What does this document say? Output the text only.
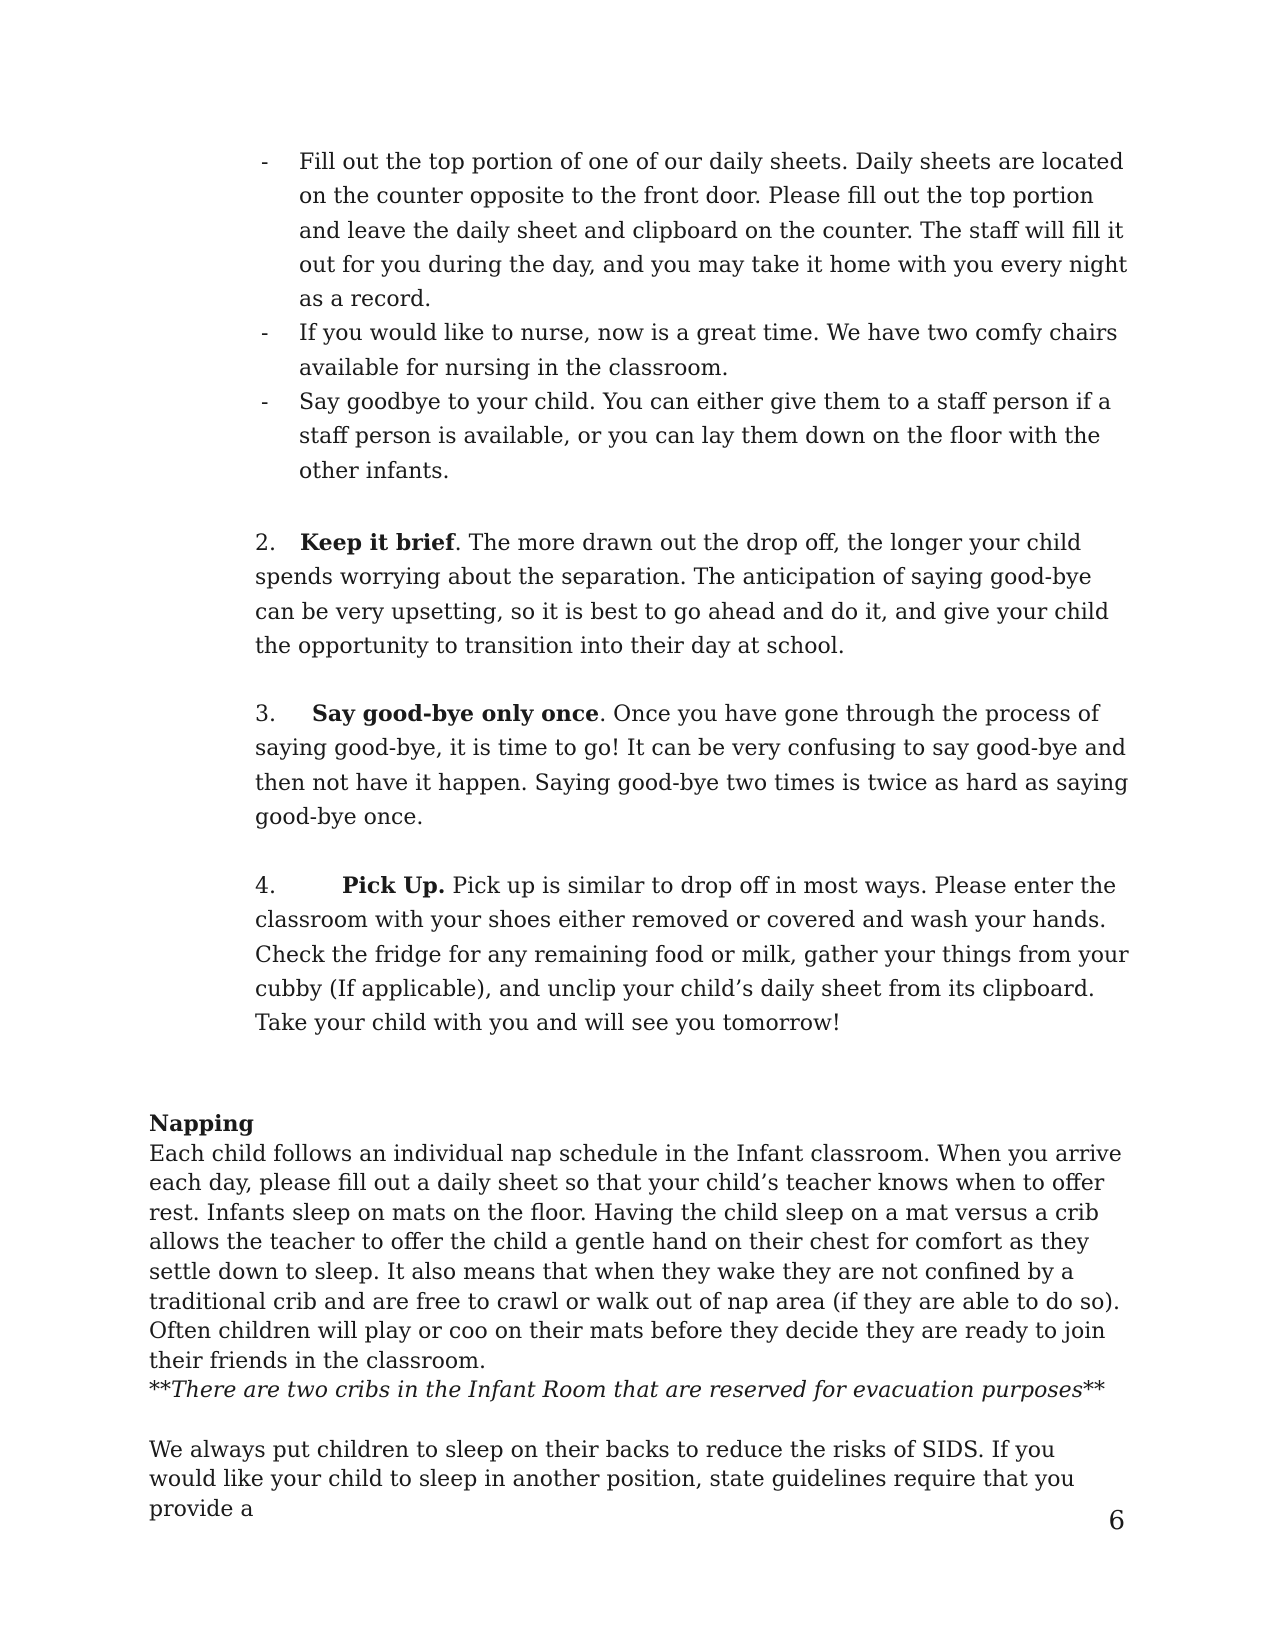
- Fill out the top portion of one of our daily sheets. Daily sheets are located on the counter opposite to the front door. Please fill out the top portion and leave the daily sheet and clipboard on the counter. The staff will fill it out for you during the day, and you may take it home with you every night as a record.
- If you would like to nurse, now is a great time. We have two comfy chairs available for nursing in the classroom.
- Say goodbye to your child. You can either give them to a staff person if a staff person is available, or you can lay them down on the floor with the other infants.
2. Keep it brief. The more drawn out the drop off, the longer your child spends worrying about the separation. The anticipation of saying good-bye can be very upsetting, so it is best to go ahead and do it, and give your child the opportunity to transition into their day at school.
3. Say good-bye only once. Once you have gone through the process of saying good-bye, it is time to go! It can be very confusing to say good-bye and then not have it happen. Saying good-bye two times is twice as hard as saying good-bye once.
4.	Pick Up. Pick up is similar to drop off in most ways. Please enter the classroom with your shoes either removed or covered and wash your hands. Check the fridge for any remaining food or milk, gather your things from your cubby (If applicable), and unclip your child’s daily sheet from its clipboard. Take your child with you and will see you tomorrow!
Napping

Each child follows an individual nap schedule in the Infant classroom. When you arrive each day, please fill out a daily sheet so that your child’s teacher knows when to offer rest. Infants sleep on mats on the floor. Having the child sleep on a mat versus a crib allows the teacher to offer the child a gentle hand on their chest for comfort as they settle down to sleep. It also means that when they wake they are not confined by a traditional crib and are free to crawl or walk out of nap area (if they are able to do so). Often children will play or coo on their mats before they decide they are ready to join their friends in the classroom.

**There are two cribs in the Infant Room that are reserved for evacuation purposes**

We always put children to sleep on their backs to reduce the risks of SIDS. If you would like your child to sleep in another position, state guidelines require that you provide a	6
